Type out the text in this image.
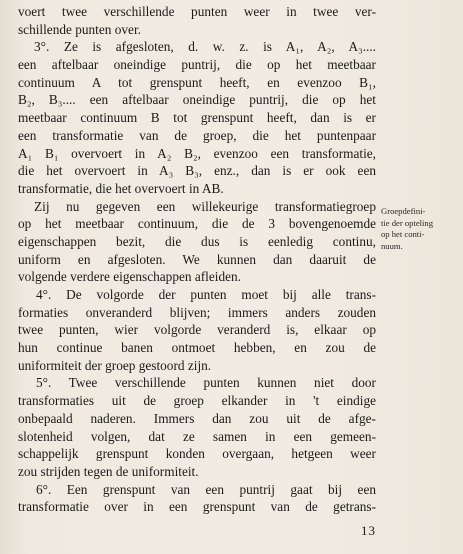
voert twee verschillende punten weer in twee ver-
schillende punten over.
3°. Ze is afgesloten, d. w. z. is A₁, A₂, A₃....
een aftelbaar oneindige puntrij, die op het meetbaar
continuum A tot grenspunt heeft, en evenzoo B₁,
B₂, B₃.... een aftelbaar oneindige puntrij, die op het
meetbaar continuum B tot grenspunt heeft, dan is er
een transformatie van de groep, die het puntenpaar
A₁ B₁ overvoert in A₂ B₂, evenzoo een transformatie,
die het overvoert in A₃ B₃, enz., dan is er ook een
transformatie, die het overvoert in AB.
Zij nu gegeven een willekeurige transformatiegroep
op het meetbaar continuum, die de 3 bovengenoemde
eigenschappen bezit, die dus is eenledig continu,
uniform en afgesloten. We kunnen dan daaruit de
volgende verdere eigenschappen afleiden.
4°. De volgorde der punten moet bij alle trans-
formaties onveranderd blijven; immers anders zouden
twee punten, wier volgorde veranderd is, elkaar op
hun continue banen ontmoet hebben, en zou de
uniformiteit der groep gestoord zijn.
5°. Twee verschillende punten kunnen niet door
transformaties uit de groep elkander in 't eindige
onbepaald naderen. Immers dan zou uit de afge-
slotenheid volgen, dat ze samen in een gemeen-
schappelijk grenspunt konden overgaan, hetgeen weer
zou strijden tegen de uniformiteit.
6°. Een grenspunt van een puntrij gaat bij een
transformatie over in een grenspunt van de getrans-
Groepdefini-
tie der opteling
op het conti-
nuum.
13
